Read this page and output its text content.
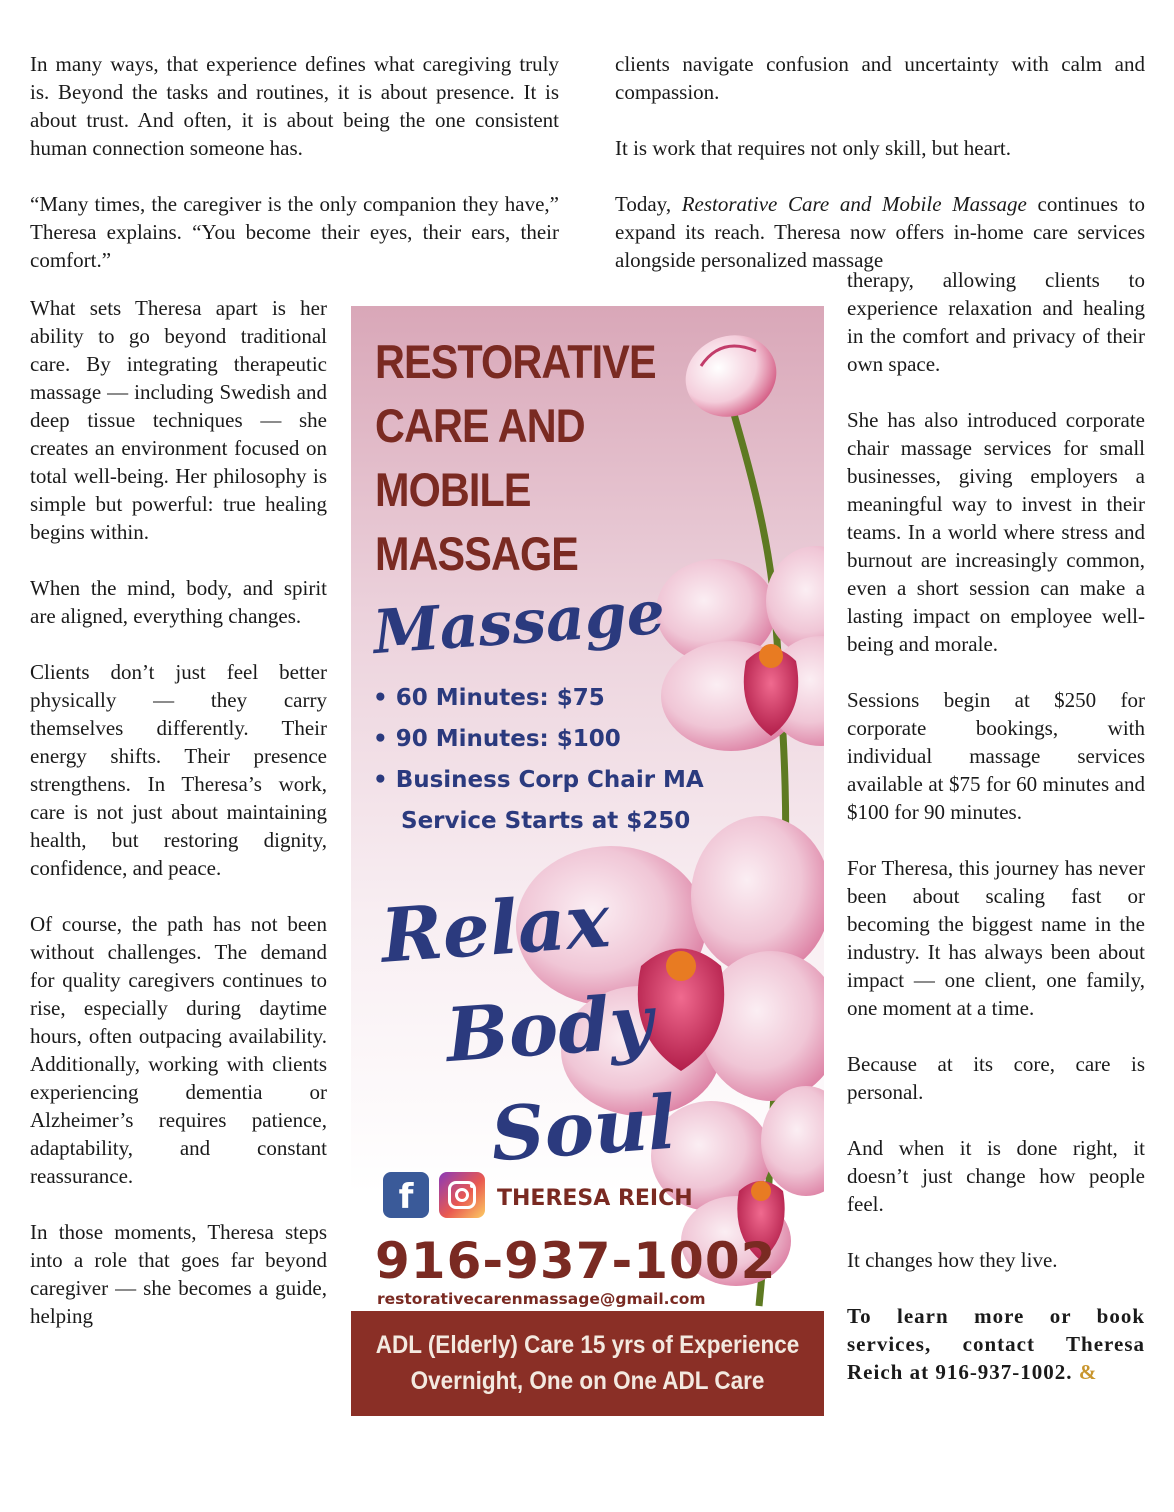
In many ways, that experience defines what caregiving truly is. Beyond the tasks and routines, it is about presence. It is about trust. And often, it is about being the one consistent human connection someone has.

“Many times, the caregiver is the only companion they have,” Theresa explains. “You become their eyes, their ears, their comfort.”

clients navigate confusion and uncertainty with calm and compassion.

It is work that requires not only skill, but heart.

Today, Restorative Care and Mobile Massage continues to expand its reach. Theresa now offers in-home care services alongside personalized massage

What sets Theresa apart is her ability to go beyond traditional care. By integrating therapeutic massage — including Swedish and deep tissue techniques — she creates an environment focused on total well-being. Her philosophy is simple but powerful: true healing begins within.

When the mind, body, and spirit are aligned, everything changes.

Clients don’t just feel better physically — they carry themselves differently. Their energy shifts. Their presence strengthens. In Theresa’s work, care is not just about maintaining health, but restoring dignity, confidence, and peace.

Of course, the path has not been without challenges. The demand for quality caregivers continues to rise, especially during daytime hours, often outpacing availability. Additionally, working with clients experiencing dementia or Alzheimer’s requires patience, adaptability, and constant reassurance.

In those moments, Theresa steps into a role that goes far beyond caregiver — she becomes a guide, helping

therapy, allowing clients to experience relaxation and healing in the comfort and privacy of their own space.

She has also introduced corporate chair massage services for small businesses, giving employers a meaningful way to invest in their teams. In a world where stress and burnout are increasingly common, even a short session can make a lasting impact on employee well-being and morale.

Sessions begin at $250 for corporate bookings, with individual massage services available at $75 for 60 minutes and $100 for 90 minutes.

For Theresa, this journey has never been about scaling fast or becoming the biggest name in the industry. It has always been about impact — one client, one family, one moment at a time.

Because at its core, care is personal.

And when it is done right, it doesn’t just change how people feel.

It changes how they live.

To learn more or book services, contact Theresa Reich at 916-937-1002. &

RESTORATIVE
CARE AND
MOBILE MASSAGE
Massage
• 60 Minutes: $75
• 90 Minutes: $100
• Business Corp Chair MA
Service Starts at $250
Relax
Body
Soul
f	THERESA REICH
916-937-1002
restorativecarenmassage@gmail.com
ADL (Elderly) Care 15 yrs of Experience
Overnight, One on One ADL Care
